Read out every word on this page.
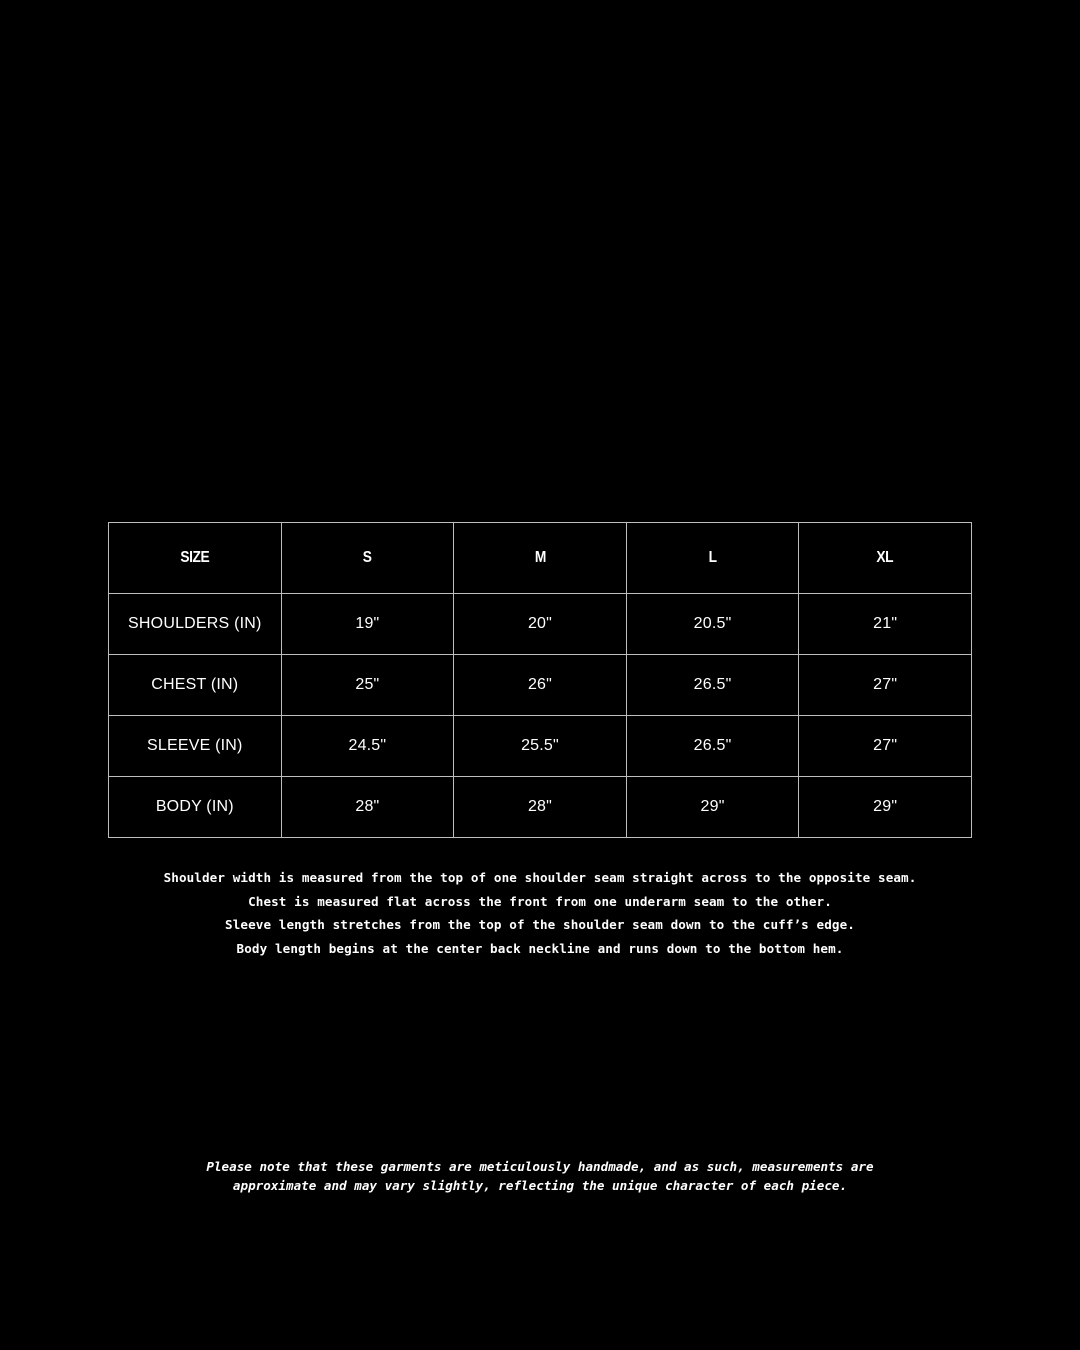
SIZE	S	M	L	XL
SHOULDERS (IN)	19"	20"	20.5"	21"
CHEST (IN)	25"	26"	26.5"	27"
SLEEVE (IN)	24.5"	25.5"	26.5"	27"
BODY (IN)	28"	28"	29"	29"
Shoulder width is measured from the top of one shoulder seam straight across to the opposite seam.
Chest is measured flat across the front from one underarm seam to the other.
Sleeve length stretches from the top of the shoulder seam down to the cuff’s edge.
Body length begins at the center back neckline and runs down to the bottom hem.
Please note that these garments are meticulously handmade, and as such, measurements are
approximate and may vary slightly, reflecting the unique character of each piece.
